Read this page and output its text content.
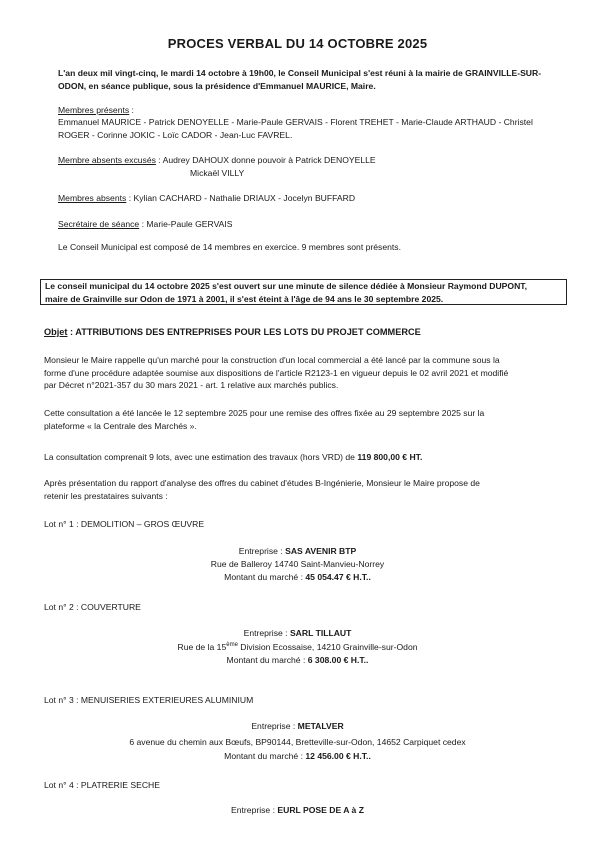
PROCES VERBAL DU 14 OCTOBRE 2025
L'an deux mil vingt-cinq, le mardi 14 octobre à 19h00, le Conseil Municipal s'est réuni à la mairie de GRAINVILLE-SUR-
ODON, en séance publique, sous la présidence d'Emmanuel MAURICE, Maire.
Membres présents :
Emmanuel MAURICE - Patrick DENOYELLE - Marie-Paule GERVAIS - Florent TREHET - Marie-Claude ARTHAUD - Christel
ROGER - Corinne JOKIC - Loïc CADOR - Jean-Luc FAVREL.
Membre absents excusés : Audrey DAHOUX donne pouvoir à Patrick DENOYELLE
Mickaël VILLY
Membres absents : Kylian CACHARD - Nathalie DRIAUX - Jocelyn BUFFARD
Secrétaire de séance : Marie-Paule GERVAIS
Le Conseil Municipal est composé de 14 membres en exercice. 9 membres sont présents.
Le conseil municipal du 14 octobre 2025 s'est ouvert sur une minute de silence dédiée à Monsieur Raymond DUPONT,
maire de Grainville sur Odon de 1971 à 2001, il s'est éteint à l'âge de 94 ans le 30 septembre 2025.
Objet : ATTRIBUTIONS DES ENTREPRISES POUR LES LOTS DU PROJET COMMERCE
Monsieur le Maire rappelle qu'un marché pour la construction d'un local commercial a été lancé par la commune sous la
forme d'une procédure adaptée soumise aux dispositions de l'article R2123-1 en vigueur depuis le 02 avril 2021 et modifié
par Décret n°2021-357 du 30 mars 2021 - art. 1 relative aux marchés publics.
Cette consultation a été lancée le 12 septembre 2025 pour une remise des offres fixée au 29 septembre 2025 sur la
plateforme « la Centrale des Marchés ».
La consultation comprenait 9 lots, avec une estimation des travaux (hors VRD) de 119 800,00 € HT.
Après présentation du rapport d'analyse des offres du cabinet d'études B-Ingénierie, Monsieur le Maire propose de
retenir les prestataires suivants :
Lot n° 1 : DEMOLITION – GROS ŒUVRE
Entreprise : SAS AVENIR BTP
Rue de Balleroy 14740 Saint-Manvieu-Norrey
Montant du marché : 45 054.47 € H.T..
Lot n° 2 : COUVERTURE
Entreprise : SARL TILLAUT
Rue de la 15ème Division Ecossaise, 14210 Grainville-sur-Odon
Montant du marché : 6 308.00 € H.T..
Lot n° 3 : MENUISERIES EXTERIEURES ALUMINIUM
Entreprise : METALVER
6 avenue du chemin aux Bœufs, BP90144, Bretteville-sur-Odon, 14652 Carpiquet cedex
Montant du marché : 12 456.00 € H.T..
Lot n° 4 : PLATRERIE SECHE
Entreprise : EURL POSE DE A à Z
